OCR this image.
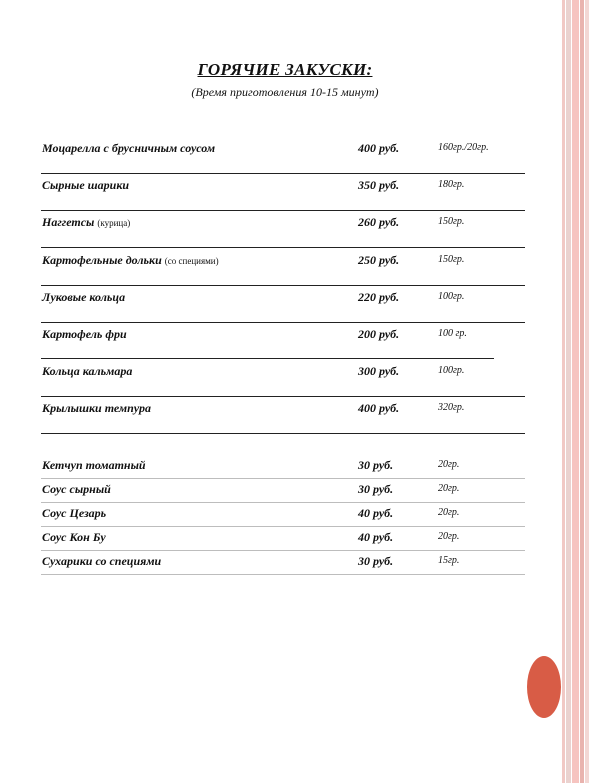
ГОРЯЧИЕ ЗАКУСКИ:
(Время приготовления 10-15 минут)
Моцарелла с брусничным соусом	400 руб.	160гр./20гр.
Сырные шарики	350 руб.	180гр.
Наггетсы (курица)	260 руб.	150гр.
Картофельные дольки (со специями)	250 руб.	150гр.
Луковые кольца	220 руб.	100гр.
Картофель фри	200 руб.	100 гр.
Кольца кальмара	300 руб.	100гр.
Крылышки темпура	400 руб.	320гр.
Кетчуп томатный	30 руб.	20гр.
Соус сырный	30 руб.	20гр.
Соус Цезарь	40 руб.	20гр.
Соус Кон Бу	40 руб.	20гр.
Сухарики со специями	30 руб.	15гр.
